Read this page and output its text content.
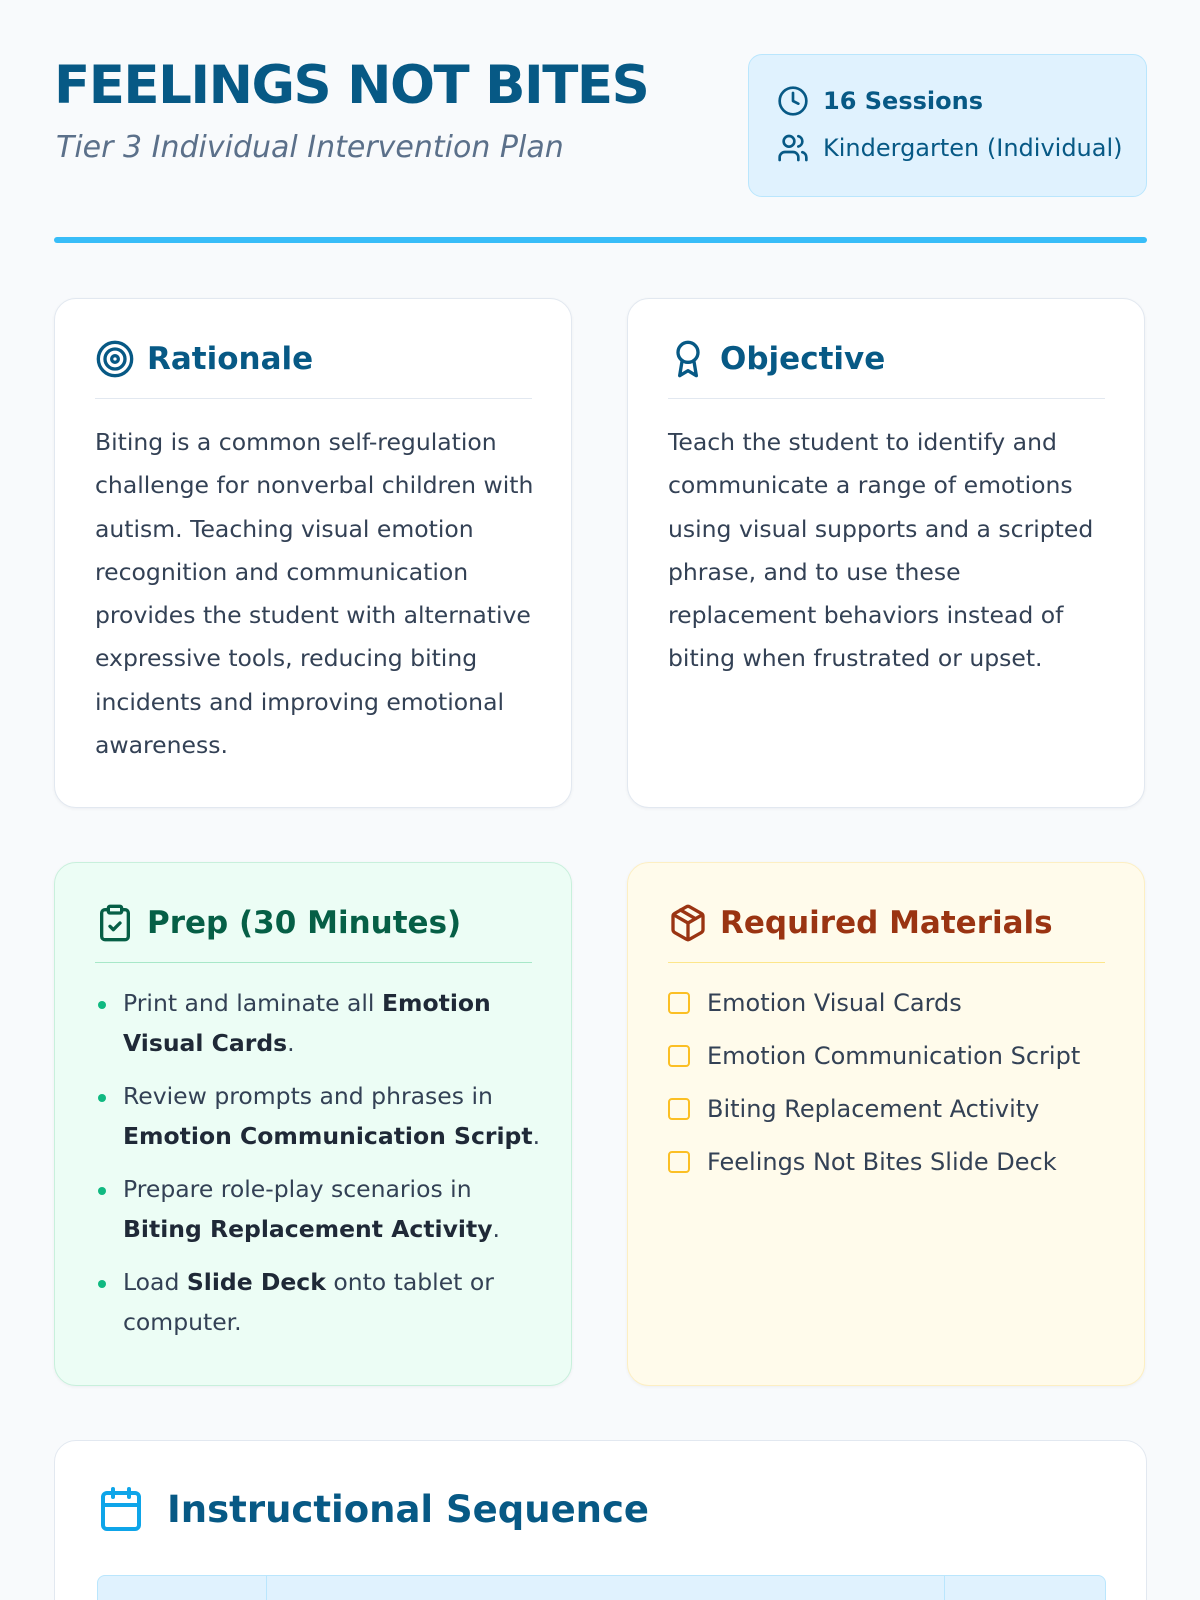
FEELINGS NOT BITES
Tier 3 Individual Intervention Plan
16 Sessions
Kindergarten (Individual)
Rationale
Biting is a common self-regulation challenge for nonverbal children with autism. Teaching visual emotion recognition and communication provides the student with alternative expressive tools, reducing biting incidents and improving emotional awareness.
Objective
Teach the student to identify and communicate a range of emotions using visual supports and a scripted phrase, and to use these replacement behaviors instead of biting when frustrated or upset.
Prep (30 Minutes)
Print and laminate all Emotion Visual Cards.
Review prompts and phrases in Emotion Communication Script.
Prepare role-play scenarios in Biting Replacement Activity.
Load Slide Deck onto tablet or computer.
Required Materials
Emotion Visual Cards
Emotion Communication Script
Biting Replacement Activity
Feelings Not Bites Slide Deck
Instructional Sequence
